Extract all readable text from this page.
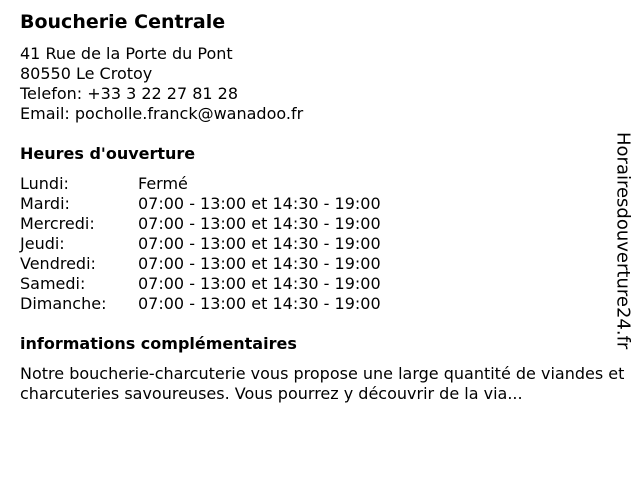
Boucherie Centrale
41 Rue de la Porte du Pont
80550 Le Crotoy
Telefon: +33 3 22 27 81 28
Email: pocholle.franck@wanadoo.fr
Heures d'ouverture
Lundi:	Fermé
Mardi:	07:00 - 13:00 et 14:30 - 19:00
Mercredi:	07:00 - 13:00 et 14:30 - 19:00
Jeudi:	07:00 - 13:00 et 14:30 - 19:00
Vendredi:	07:00 - 13:00 et 14:30 - 19:00
Samedi:	07:00 - 13:00 et 14:30 - 19:00
Dimanche:	07:00 - 13:00 et 14:30 - 19:00
informations complémentaires
Notre boucherie-charcuterie vous propose une large quantité de viandes et charcuteries savoureuses. Vous pourrez y découvrir de la via...
Horairesdouverture24.fr
